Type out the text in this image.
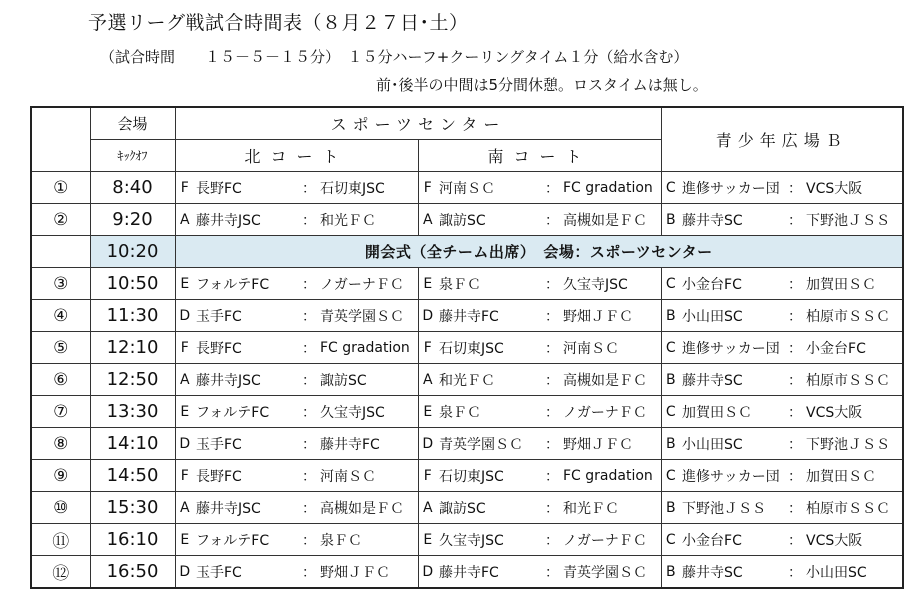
予選リーグ戦試合時間表（８月２７日･土）
（試合時間　　１５－５－１５分）　１５分ハーフ+クーリングタイム１分（給水含む）
前･後半の中間は5分間休憩。ロスタイムは無し。
	会場	スポーツセンター				青少年広場Ｂ	
	ｷｯｸｵﾌ	北コート		南コート			
①	8:40	F	長野FC ： 石切東JSC	F	河南ＳＣ ： FC gradation	C	進修サッカー団 ： VCS大阪

②	9:20	A	藤井寺JSC ： 和光ＦＣ	A	諏訪SC ： 高槻如是ＦＣ	B	藤井寺SC ： 下野池ＪＳＳ

	10:20	開会式（全チーム出席）　会場：スポーツセンター					
③	10:50	E	フォルテFC ： ノガーナＦＣ	E	泉ＦＣ ： 久宝寺JSC	C	小金台FC ： 加賀田ＳＣ

④	11:30	D	玉手FC ： 青英学園ＳＣ	D	藤井寺FC ： 野畑ＪＦＣ	B	小山田SC ： 柏原市ＳＳＣ

⑤	12:10	F	長野FC ： FC gradation	F	石切東JSC ： 河南ＳＣ	C	進修サッカー団 ： 小金台FC

⑥	12:50	A	藤井寺JSC ： 諏訪SC	A	和光ＦＣ ： 高槻如是ＦＣ	B	藤井寺SC ： 柏原市ＳＳＣ

⑦	13:30	E	フォルテFC ： 久宝寺JSC	E	泉ＦＣ ： ノガーナＦＣ	C	加賀田ＳＣ ： VCS大阪

⑧	14:10	D	玉手FC ： 藤井寺FC	D	青英学園ＳＣ ： 野畑ＪＦＣ	B	小山田SC ： 下野池ＪＳＳ

⑨	14:50	F	長野FC ： 河南ＳＣ	F	石切東JSC ： FC gradation	C	進修サッカー団 ： 加賀田ＳＣ

⑩	15:30	A	藤井寺JSC ： 高槻如是ＦＣ	A	諏訪SC ： 和光ＦＣ	B	下野池ＪＳＳ ： 柏原市ＳＳＣ

⑪	16:10	E	フォルテFC ： 泉ＦＣ	E	久宝寺JSC ： ノガーナＦＣ	C	小金台FC ： VCS大阪

⑫	16:50	D	玉手FC ： 野畑ＪＦＣ	D	藤井寺FC ： 青英学園ＳＣ	B	藤井寺SC ： 小山田SC
